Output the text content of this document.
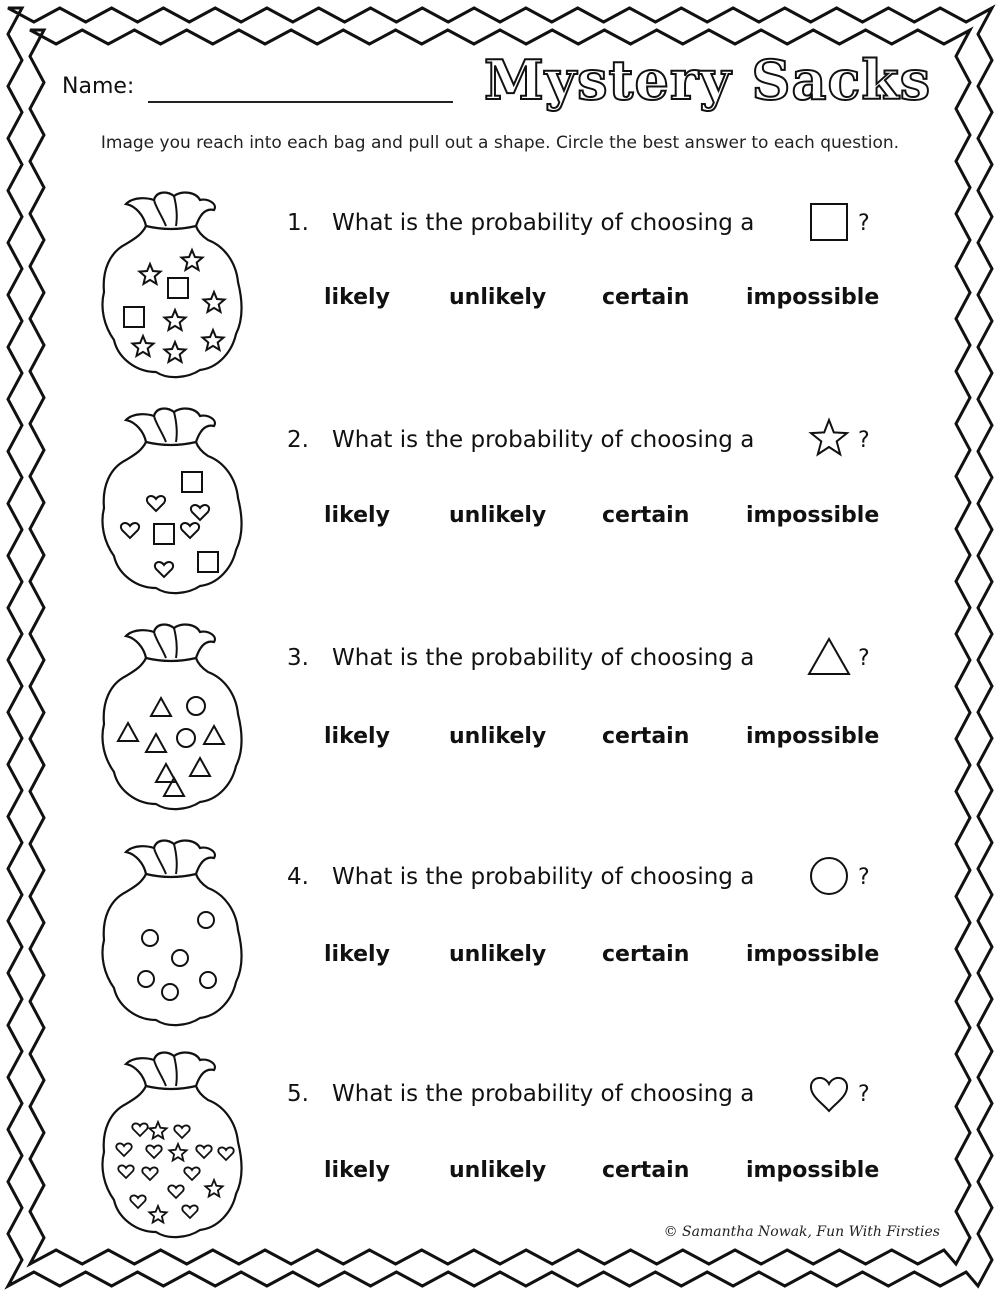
Name:	Mystery Sacks
Image you reach into each bag and pull out a shape. Circle the best answer to each question.
1. What is the probability of choosing a	?
likely	unlikely	certain	impossible
2. What is the probability of choosing a	?
likely	unlikely	certain	impossible
3. What is the probability of choosing a	?
likely	unlikely	certain	impossible
4. What is the probability of choosing a	?
likely	unlikely	certain	impossible
5. What is the probability of choosing a	?
likely	unlikely	certain	impossible
© Samantha Nowak, Fun With Firsties
